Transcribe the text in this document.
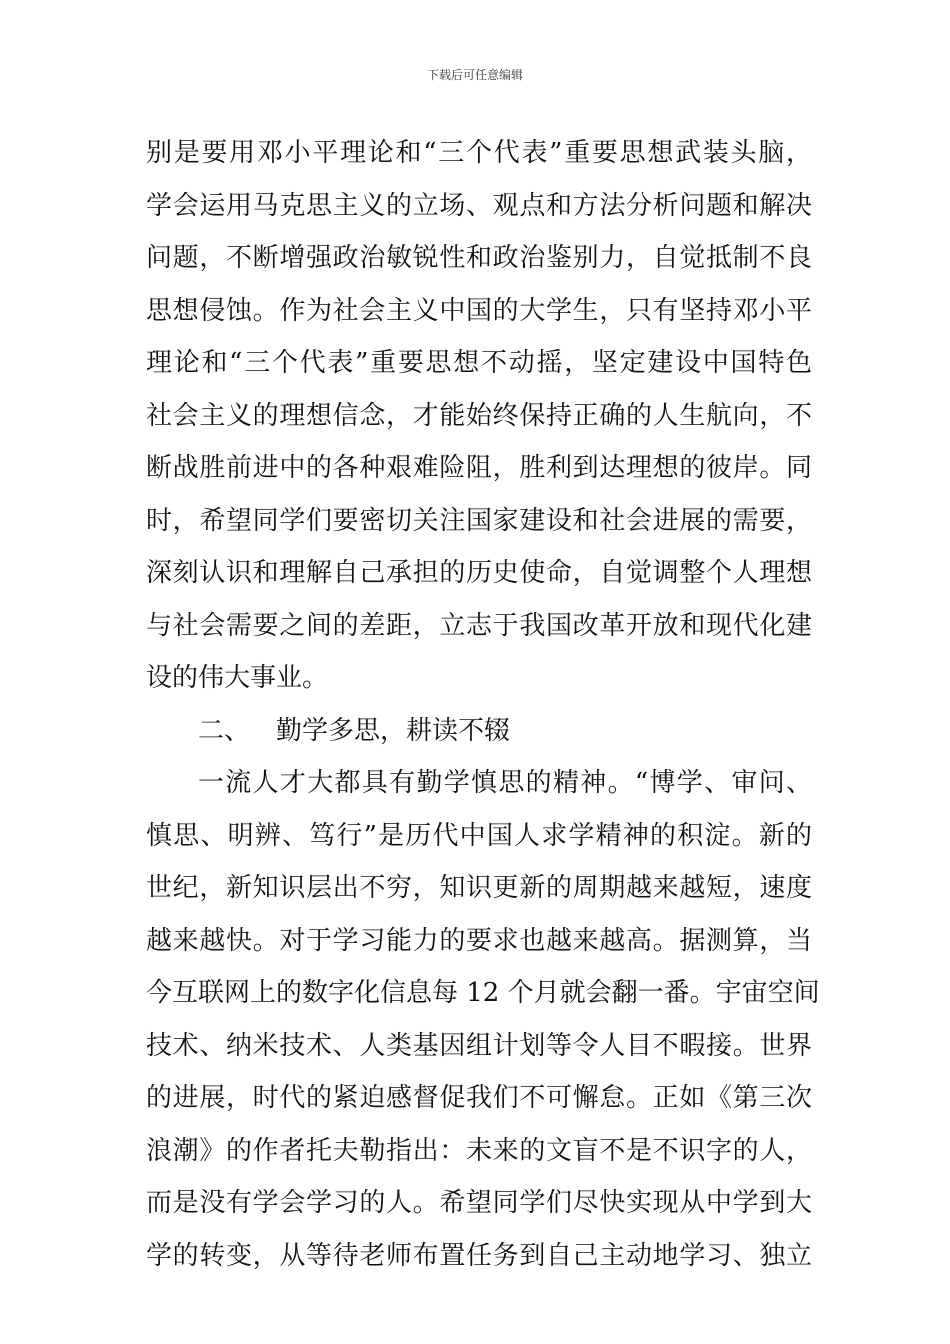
下载后可任意编辑
别是要用邓小平理论和“三个代表”重要思想武装头脑，
学会运用马克思主义的立场、观点和方法分析问题和解决
问题，不断增强政治敏锐性和政治鉴别力，自觉抵制不良
思想侵蚀。作为社会主义中国的大学生，只有坚持邓小平
理论和“三个代表”重要思想不动摇，坚定建设中国特色
社会主义的理想信念，才能始终保持正确的人生航向，不
断战胜前进中的各种艰难险阻，胜利到达理想的彼岸。同
时，希望同学们要密切关注国家建设和社会进展的需要，
深刻认识和理解自己承担的历史使命，自觉调整个人理想
与社会需要之间的差距，立志于我国改革开放和现代化建
设的伟大事业。
二、 勤学多思，耕读不辍
一流人才大都具有勤学慎思的精神。“博学、审问、
慎思、明辨、笃行”是历代中国人求学精神的积淀。新的
世纪，新知识层出不穷，知识更新的周期越来越短，速度
越来越快。对于学习能力的要求也越来越高。据测算，当
今互联网上的数字化信息每 12 个月就会翻一番。宇宙空间
技术、纳米技术、人类基因组计划等令人目不暇接。世界
的进展，时代的紧迫感督促我们不可懈怠。正如《第三次
浪潮》的作者托夫勒指出：未来的文盲不是不识字的人，
而是没有学会学习的人。希望同学们尽快实现从中学到大
学的转变，从等待老师布置任务到自己主动地学习、独立
